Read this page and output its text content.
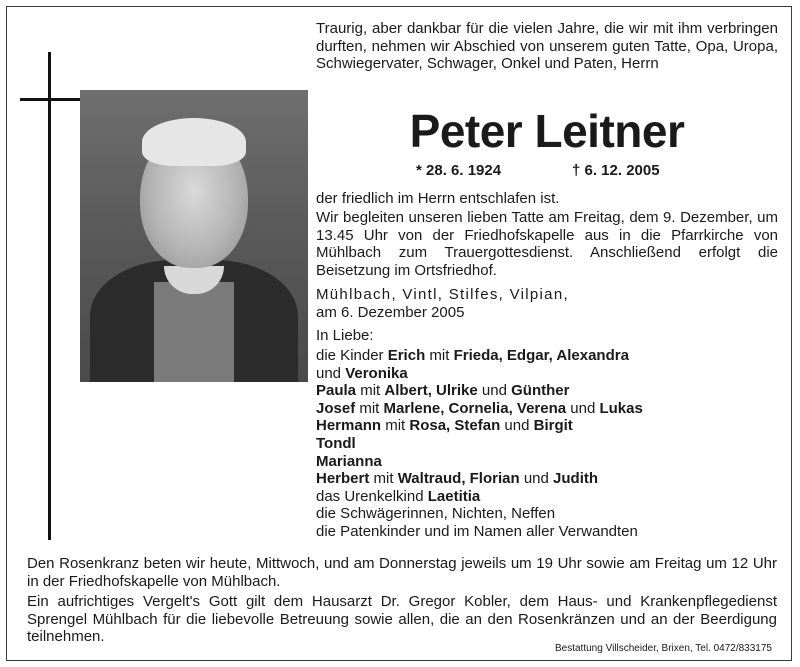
Traurig, aber dankbar für die vielen Jahre, die wir mit ihm verbringen durften, nehmen wir Abschied von unserem guten Tatte, Opa, Uropa, Schwiegervater, Schwager, Onkel und Paten, Herrn
Peter Leitner
* 28. 6. 1924	† 6. 12. 2005
der friedlich im Herrn entschlafen ist.
Wir begleiten unseren lieben Tatte am Freitag, dem 9. Dezember, um 13.45 Uhr von der Friedhofskapelle aus in die Pfarrkirche von Mühlbach zum Trauergottesdienst. Anschließend erfolgt die Beisetzung im Ortsfriedhof.
Mühlbach, Vintl, Stilfes, Vilpian,
am 6. Dezember 2005
In Liebe:
die Kinder Erich mit Frieda, Edgar, Alexandra
und Veronika
Paula mit Albert, Ulrike und Günther
Josef mit Marlene, Cornelia, Verena und Lukas
Hermann mit Rosa, Stefan und Birgit
Tondl
Marianna
Herbert mit Waltraud, Florian und Judith
das Urenkelkind Laetitia
die Schwägerinnen, Nichten, Neffen
die Patenkinder und im Namen aller Verwandten
Den Rosenkranz beten wir heute, Mittwoch, und am Donnerstag jeweils um 19 Uhr sowie am Freitag um 12 Uhr in der Friedhofskapelle von Mühlbach.
Ein aufrichtiges Vergelt's Gott gilt dem Hausarzt Dr. Gregor Kobler, dem Haus- und Krankenpflegedienst Sprengel Mühlbach für die liebevolle Betreuung sowie allen, die an den Rosenkränzen und an der Beerdigung teilnehmen.
Bestattung Villscheider, Brixen, Tel. 0472/833175
